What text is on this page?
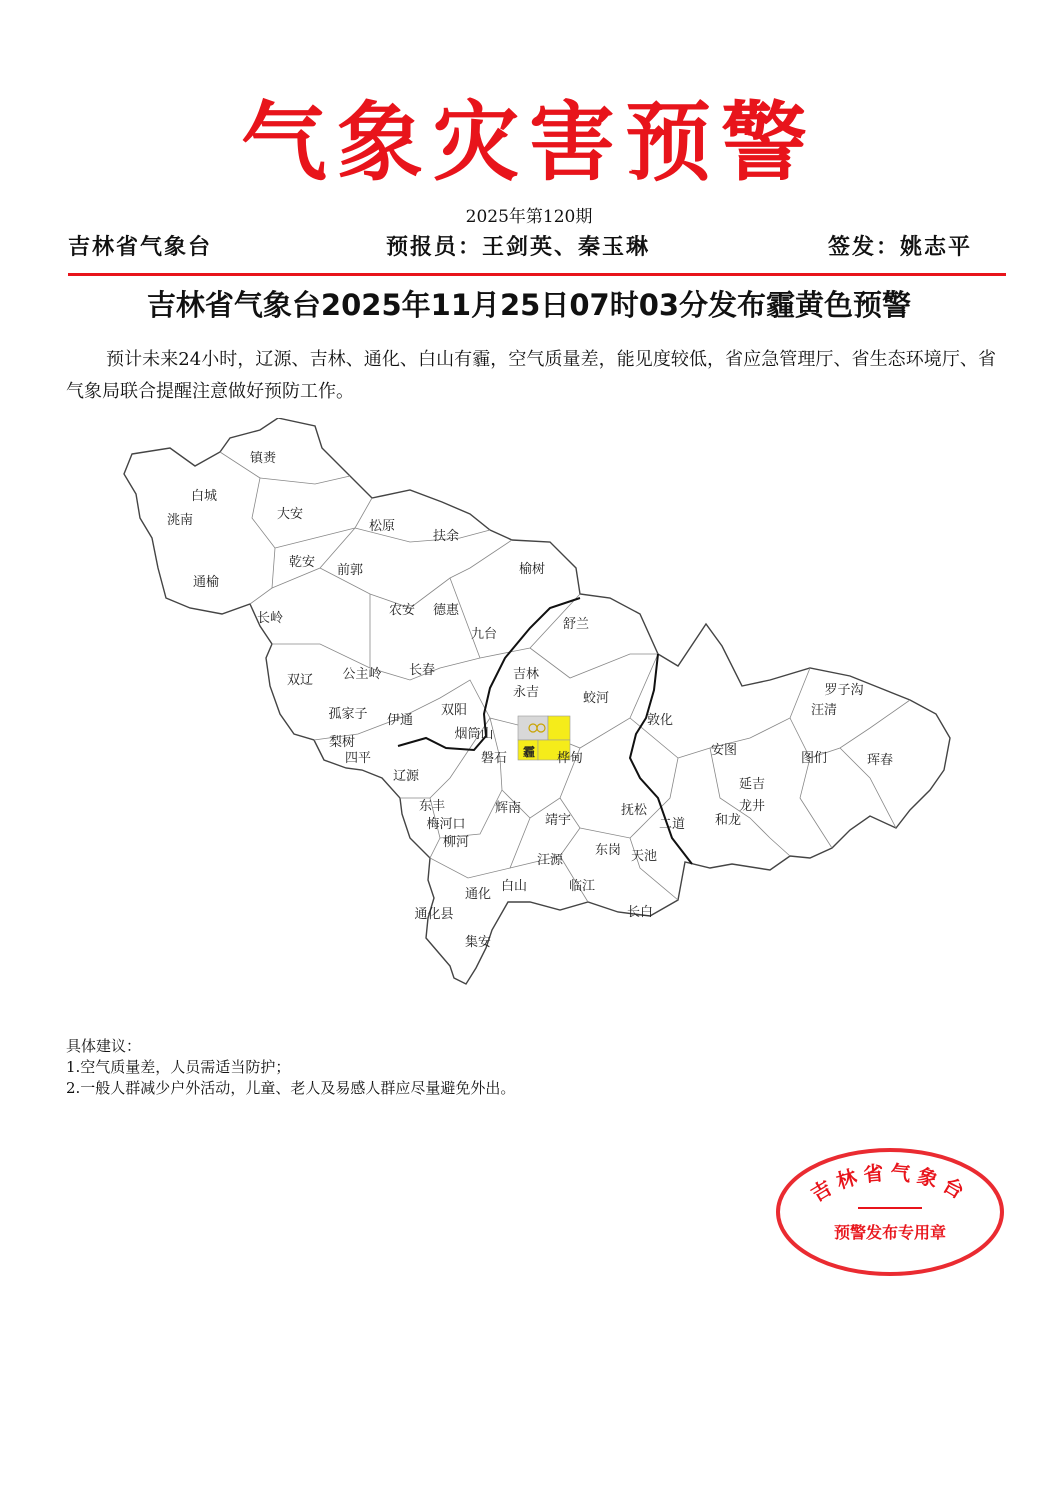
气象灾害预警
2025年第120期
吉林省气象台	预报员：王剑英、秦玉琳	签发：姚志平
吉林省气象台2025年11月25日07时03分发布霾黄色预警
预计未来24小时，辽源、吉林、通化、白山有霾，空气质量差，能见度较低，省应急管理厅、省生态环境厅、省气象局联合提醒注意做好预防工作。
霾
镇赉
白城
洮南	大安
松原
扶余
乾安
前郭
通榆
榆树
长岭
农安 德惠
九台
舒兰
双辽 公主岭 长春	吉林
永吉	蛟河
孤家子 伊通
双阳
罗子沟
汪清
梨树
四平
烟筒山
磐石	桦甸
敦化
安图
图们	珲春
辽源
延吉
龙井
东丰
梅河口
柳河
辉南
靖宇
抚松
二道 和龙
江源
东岗 天池
通化
白山	临江
通化县	长白
集安
具体建议：
1.空气质量差，人员需适当防护；
2.一般人群减少户外活动，儿童、老人及易感人群应尽量避免外出。
吉林省气象台
预警发布专用章
